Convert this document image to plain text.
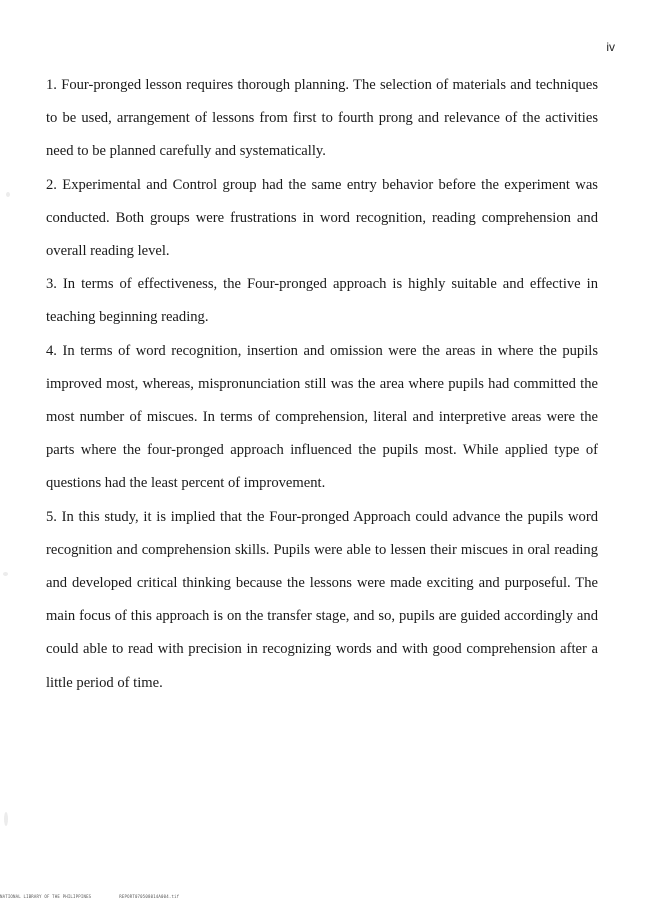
iv

1. Four-pronged lesson requires thorough planning. The selection of materials and techniques to be used, arrangement of lessons from first to fourth prong and relevance of the activities need to be planned carefully and systematically.

2. Experimental and Control group had the same entry behavior before the experiment was conducted. Both groups were frustrations in word recognition, reading comprehension and overall reading level.

3. In terms of effectiveness, the Four-pronged approach is highly suitable and effective in teaching beginning reading.

4. In terms of word recognition, insertion and omission were the areas in where the pupils improved most, whereas, mispronunciation still was the area where pupils had committed the most number of miscues. In terms of comprehension, literal and interpretive areas were the parts where the four-pronged approach influenced the pupils most. While applied type of questions had the least percent of improvement.

5. In this study, it is implied that the Four-pronged Approach could advance the pupils word recognition and comprehension skills. Pupils were able to lessen their miscues in oral reading and developed critical thinking because the lessons were made exciting and purposeful. The main focus of this approach is on the transfer stage, and so, pupils are guided accordingly and could able to read with precision in recognizing words and with good comprehension after a little period of time.

NATIONAL LIBRARY OF THE PHILIPPINES	REPORT070508014A004.tif
